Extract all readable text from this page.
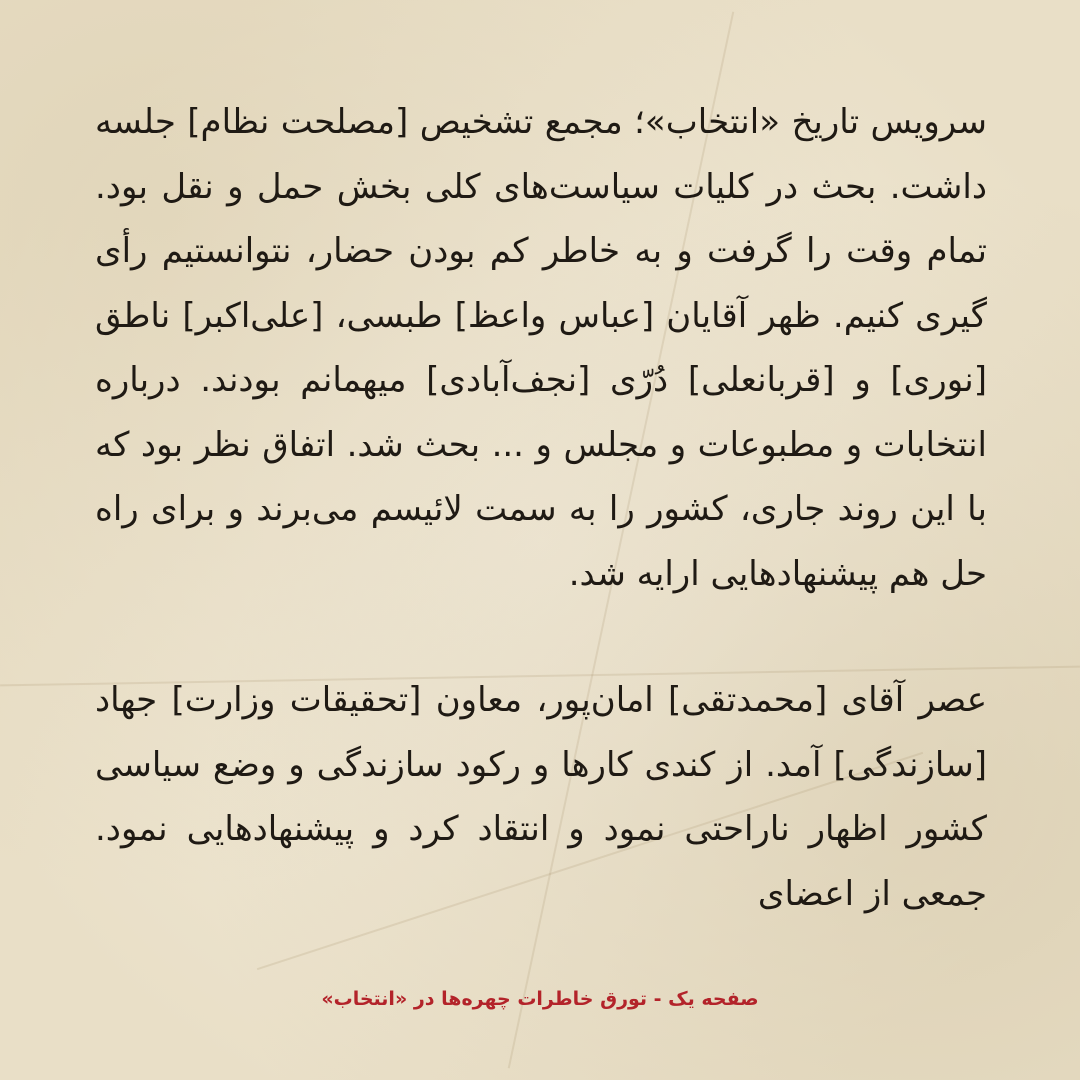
سرویس تاریخ «انتخاب»؛ مجمع تشخیص [مصلحت نظام] جلسه داشت. بحث در کلیات سیاست‌های کلی بخش حمل و نقل بود. تمام وقت را گرفت و به خاطر کم بودن حضار، نتوانستیم رأی گیری کنیم. ظهر آقایان [عباس واعظ] طبسی، [علی‌اکبر] ناطق [نوری] و [قربانعلی] دُرّی [نجف‌آبادی] میهمانم بودند. درباره انتخابات و مطبوعات و مجلس و ... بحث شد. اتفاق نظر بود که با این روند جاری، کشور را به سمت لائیسم می‌برند و برای راه حل هم پیشنهادهایی ارایه شد.

عصر آقای [محمدتقی] امان‌پور، معاون [تحقیقات وزارت] جهاد [سازندگی] آمد. از کندی کارها و رکود سازندگی و وضع سیاسی کشور اظهار ناراحتی نمود و انتقاد کرد و پیشنهادهایی نمود. جمعی از اعضای

صفحه یک - تورق خاطرات چهره‌ها در «انتخاب»
